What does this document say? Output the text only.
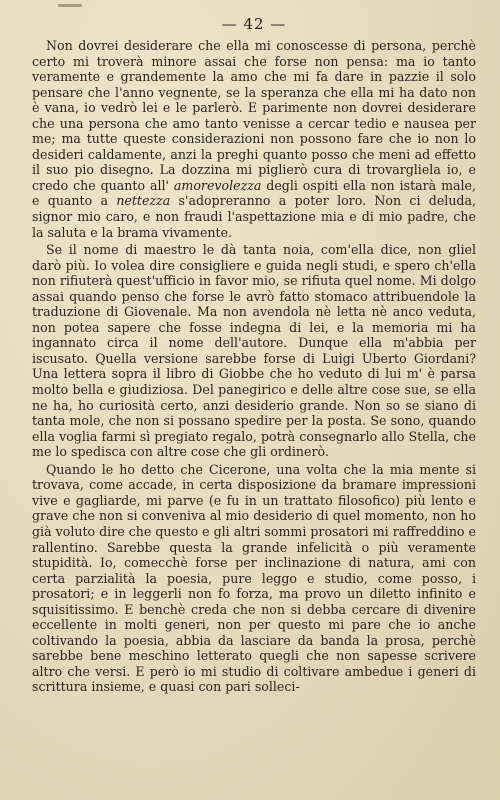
— 42 —

Non dovrei desiderare che ella mi conoscesse di persona, perchè certo mi troverà minore assai che forse non pensa: ma io tanto veramente e grandemente la amo che mi fa dare in pazzie il solo pensare che l'anno vegnente, se la speranza che ella mi ha dato non è vana, io vedrò lei e le parlerò. E parimente non dovrei desiderare che una persona che amo tanto venisse a cercar tedio e nausea per me; ma tutte queste considerazioni non possono fare che io non lo desideri caldamente, anzi la preghi quanto posso che meni ad effetto il suo pio disegno. La dozzina mi piglierò cura di trovargliela io, e credo che quanto all' amorevolezza degli ospiti ella non istarà male, e quanto a nettezza s'adopreranno a poter loro. Non ci deluda, signor mio caro, e non fraudi l'aspettazione mia e di mio padre, che la saluta e la brama vivamente.

Se il nome di maestro le dà tanta noia, com'ella dice, non gliel darò più. Io volea dire consigliere e guida negli studi, e spero ch'ella non rifiuterà quest'ufficio in favor mio, se rifiuta quel nome. Mi dolgo assai quando penso che forse le avrò fatto stomaco attribuendole la traduzione di Giovenale. Ma non avendola nè letta nè anco veduta, non potea sapere che fosse indegna di lei, e la memoria mi ha ingannato circa il nome dell'autore. Dunque ella m'abbia per iscusato. Quella versione sarebbe forse di Luigi Uberto Giordani? Una lettera sopra il libro di Giobbe che ho veduto di lui m' è parsa molto bella e giudiziosa. Del panegirico e delle altre cose sue, se ella ne ha, ho curiosità certo, anzi desiderio grande. Non so se siano di tanta mole, che non si possano spedire per la posta. Se sono, quando ella voglia farmi sì pregiato regalo, potrà consegnarlo allo Stella, che me lo spedisca con altre cose che gli ordinerò.

Quando le ho detto che Cicerone, una volta che la mia mente si trovava, come accade, in certa disposizione da bramare impressioni vive e gagliarde, mi parve (e fu in un trattato filosofico) più lento e grave che non si conveniva al mio desiderio di quel momento, non ho già voluto dire che questo e gli altri sommi prosatori mi raffreddino e rallentino. Sarebbe questa la grande infelicità o più veramente stupidità. Io, comecchè forse per inclinazione di natura, ami con certa parzialità la poesia, pure leggo e studio, come posso, i prosatori; e in leggerli non fo forza, ma provo un diletto infinito e squisitissimo. E benchè creda che non si debba cercare di divenire eccellente in molti generi, non per questo mi pare che io anche coltivando la poesia, abbia da lasciare da banda la prosa, perchè sarebbe bene meschino letterato quegli che non sapesse scrivere altro che versi. E però io mi studio di coltivare ambedue i generi di scrittura insieme, e quasi con pari solleci-
